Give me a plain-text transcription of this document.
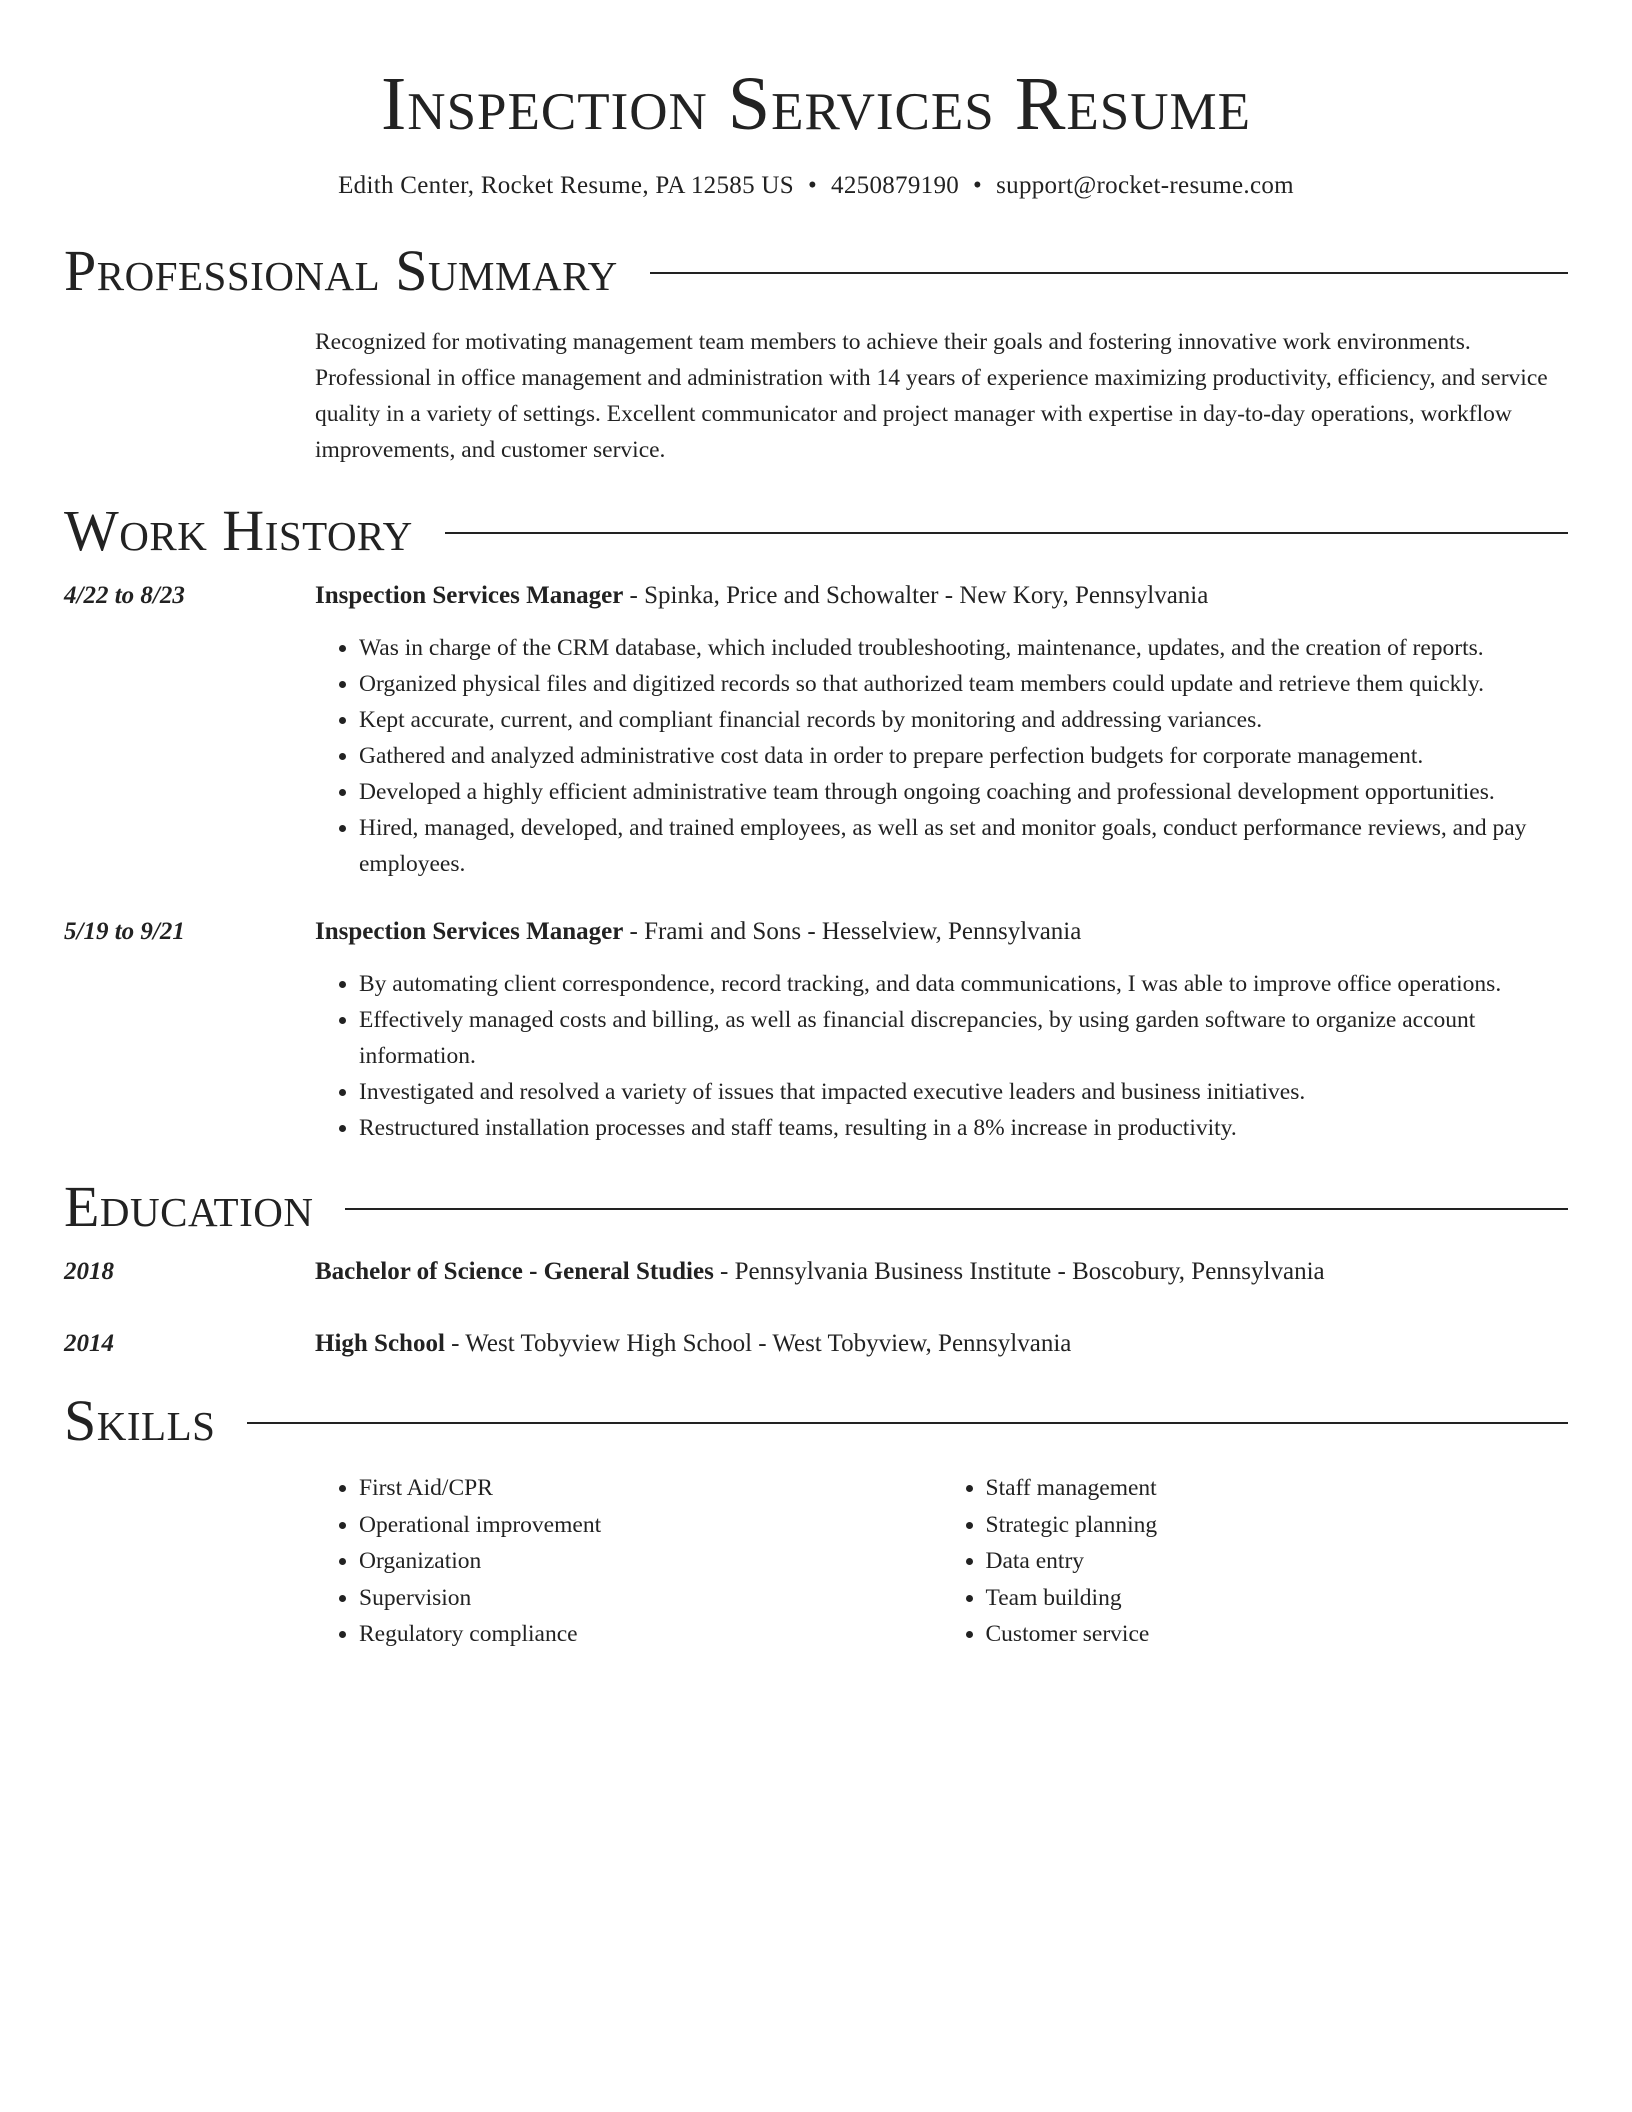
Inspection Services Resume
Edith Center, Rocket Resume, PA 12585 US • 4250879190 • support@rocket-resume.com
Professional Summary

Recognized for motivating management team members to achieve their goals and fostering innovative work environments. Professional in office management and administration with 14 years of experience maximizing productivity, efficiency, and service quality in a variety of settings. Excellent communicator and project manager with expertise in day-to-day operations, workflow improvements, and customer service.

Work History
4/22 to 8/23	Inspection Services Manager - Spinka, Price and Schowalter - New Kory, Pennsylvania
• Was in charge of the CRM database, which included troubleshooting, maintenance, updates, and the creation of reports.
• Organized physical files and digitized records so that authorized team members could update and retrieve them quickly.
• Kept accurate, current, and compliant financial records by monitoring and addressing variances.
• Gathered and analyzed administrative cost data in order to prepare perfection budgets for corporate management.
• Developed a highly efficient administrative team through ongoing coaching and professional development opportunities.
• Hired, managed, developed, and trained employees, as well as set and monitor goals, conduct performance reviews, and pay employees.
5/19 to 9/21	Inspection Services Manager - Frami and Sons - Hesselview, Pennsylvania
• By automating client correspondence, record tracking, and data communications, I was able to improve office operations.
• Effectively managed costs and billing, as well as financial discrepancies, by using garden software to organize account information.
• Investigated and resolved a variety of issues that impacted executive leaders and business initiatives.
• Restructured installation processes and staff teams, resulting in a 8% increase in productivity.
Education
2018	Bachelor of Science - General Studies - Pennsylvania Business Institute - Boscobury, Pennsylvania
2014	High School - West Tobyview High School - West Tobyview, Pennsylvania
Skills
• First Aid/CPR
• Operational improvement
• Organization
• Supervision
• Regulatory compliance
• Staff management
• Strategic planning
• Data entry
• Team building
• Customer service
